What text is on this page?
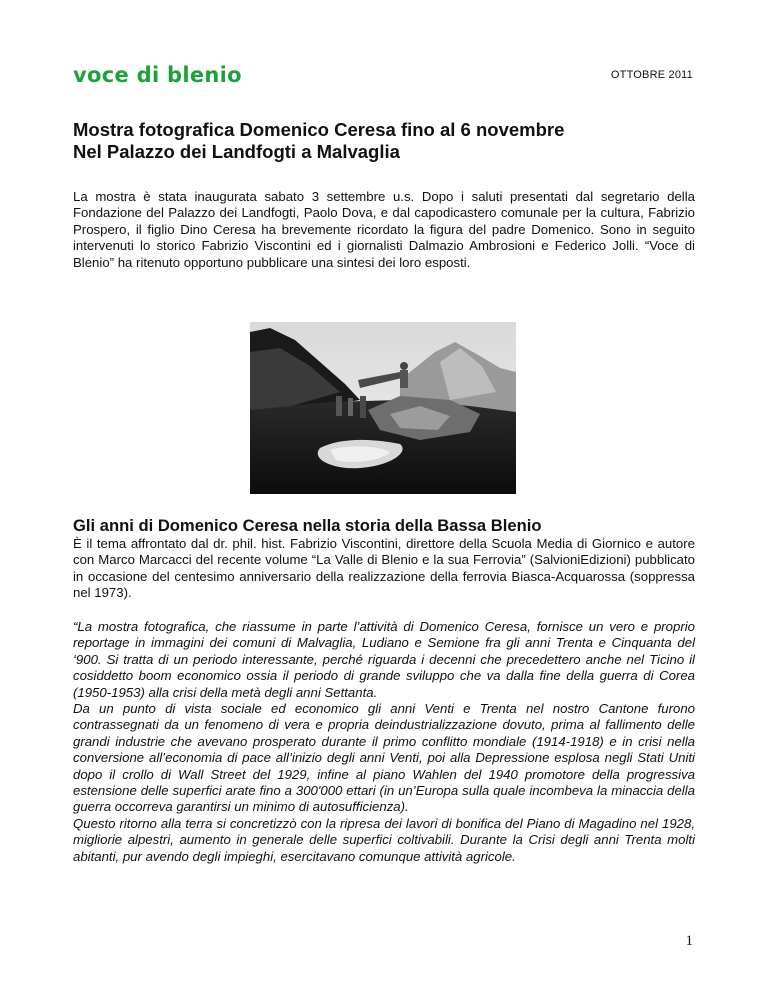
voce di blenio	OTTOBRE 2011
Mostra fotografica Domenico Ceresa fino al 6 novembre
Nel Palazzo dei Landfogti a Malvaglia

La mostra è stata inaugurata sabato 3 settembre u.s. Dopo i saluti presentati dal segretario della Fondazione del Palazzo dei Landfogti, Paolo Dova, e dal capodicastero comunale per la cultura, Fabrizio Prospero, il figlio Dino Ceresa ha brevemente ricordato la figura del padre Domenico. Sono in seguito intervenuti lo storico Fabrizio Viscontini ed i giornalisti Dalmazio Ambrosioni e Federico Jolli. “Voce di Blenio” ha ritenuto opportuno pubblicare una sintesi dei loro esposti.

Gli anni di Domenico Ceresa nella storia della Bassa Blenio

È il tema affrontato dal dr. phil. hist. Fabrizio Viscontini, direttore della Scuola Media di Giornico e autore con Marco Marcacci del recente volume “La Valle di Blenio e la sua Ferrovia” (SalvioniEdizioni) pubblicato in occasione del centesimo anniversario della realizzazione della ferrovia Biasca-Acquarossa (soppressa nel 1973).

“La mostra fotografica, che riassume in parte l’attività di Domenico Ceresa, fornisce un vero e proprio reportage in immagini dei comuni di Malvaglia, Ludiano e Semione fra gli anni Trenta e Cinquanta del ‘900. Si tratta di un periodo interessante, perché riguarda i decenni che precedettero anche nel Ticino il cosiddetto boom economico ossia il periodo di grande sviluppo che va dalla fine della guerra di Corea (1950-1953) alla crisi della metà degli anni Settanta.
Da un punto di vista sociale ed economico gli anni Venti e Trenta nel nostro Cantone furono contrassegnati da un fenomeno di vera e propria deindustrializzazione dovuto, prima al fallimento delle grandi industrie che avevano prosperato durante il primo conflitto mondiale (1914-1918) e in crisi nella conversione all’economia di pace all’inizio degli anni Venti, poi alla Depressione esplosa negli Stati Uniti dopo il crollo di Wall Street del 1929, infine al piano Wahlen del 1940 promotore della progressiva estensione delle superfici arate fino a 300'000 ettari (in un’Europa sulla quale incombeva la minaccia della guerra occorreva garantirsi un minimo di autosufficienza).
Questo ritorno alla terra si concretizzò con la ripresa dei lavori di bonifica del Piano di Magadino nel 1928, migliorie alpestri, aumento in generale delle superfici coltivabili. Durante la Crisi degli anni Trenta molti abitanti, pur avendo degli impieghi, esercitavano comunque attività agricole.
1
